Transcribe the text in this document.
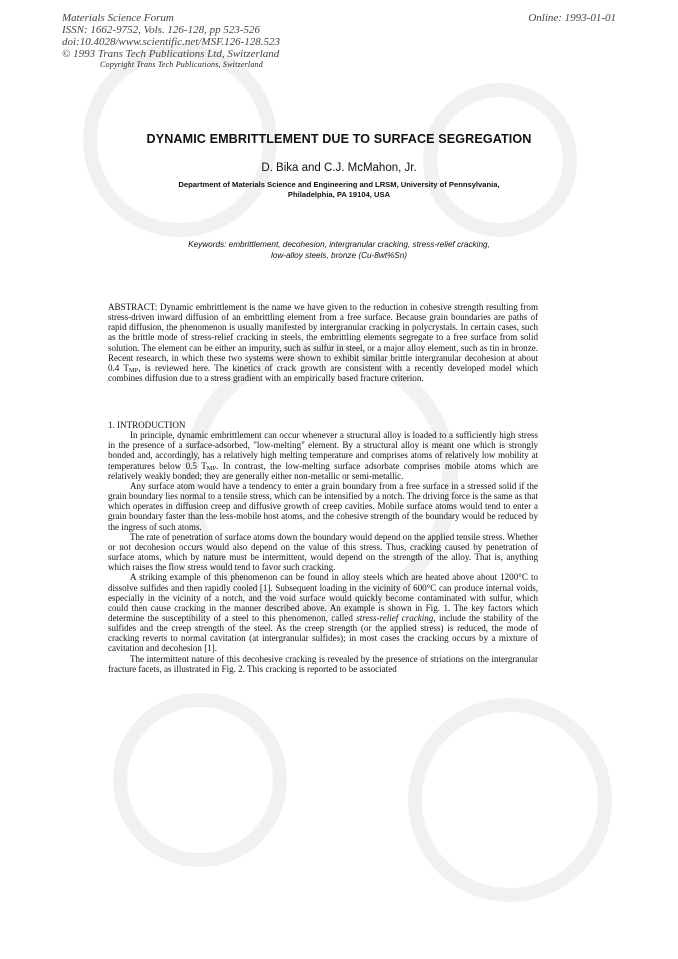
Materials Science Forum
ISSN: 1662-9752, Vols. 126-128, pp 523-526
doi:10.4028/www.scientific.net/MSF.126-128.523
© 1993 Trans Tech Publications Ltd, Switzerland
Online: 1993-01-01
Copyright Trans Tech Publications, Switzerland
DYNAMIC EMBRITTLEMENT DUE TO SURFACE SEGREGATION
D. Bika and C.J. McMahon, Jr.
Department of Materials Science and Engineering and LRSM, University of Pennsylvania,
Philadelphia, PA 19104, USA
Keywords: embrittlement, decohesion, intergranular cracking, stress-relief cracking,
low-alloy steels, bronze (Cu-8wt%Sn)

ABSTRACT: Dynamic embrittlement is the name we have given to the reduction in cohesive strength resulting from stress-driven inward diffusion of an embrittling element from a free surface. Because grain boundaries are paths of rapid diffusion, the phenomenon is usually manifested by intergranular cracking in polycrystals. In certain cases, such as the brittle mode of stress-relief cracking in steels, the embrittling elements segregate to a free surface from solid solution. The element can be either an impurity, such as sulfur in steel, or a major alloy element, such as tin in bronze. Recent research, in which these two systems were shown to exhibit similar brittle intergranular decohesion at about 0.4 $T_{MP}$, is reviewed here. The kinetics of crack growth are consistent with a recently developed model which combines diffusion due to a stress gradient with an empirically based fracture criterion.

1. INTRODUCTION

In principle, dynamic embrittlement can occur whenever a structural alloy is loaded to a sufficiently high stress in the presence of a surface-adsorbed, "low-melting" element. By a structural alloy is meant one which is strongly bonded and, accordingly, has a relatively high melting temperature and comprises atoms of relatively low mobility at temperatures below 0.5 $T_{MP}$. In contrast, the low-melting surface adsorbate comprises mobile atoms which are relatively weakly bonded; they are generally either non-metallic or semi-metallic.

Any surface atom would have a tendency to enter a grain boundary from a free surface in a stressed solid if the grain boundary lies normal to a tensile stress, which can be intensified by a notch. The driving force is the same as that which operates in diffusion creep and diffusive growth of creep cavities. Mobile surface atoms would tend to enter a grain boundary faster than the less-mobile host atoms, and the cohesive strength of the boundary would be reduced by the ingress of such atoms.

The rate of penetration of surface atoms down the boundary would depend on the applied tensile stress. Whether or not decohesion occurs would also depend on the value of this stress. Thus, cracking caused by penetration of surface atoms, which by nature must be intermittent, would depend on the strength of the alloy. That is, anything which raises the flow stress would tend to favor such cracking.

A striking example of this phenomenon can be found in alloy steels which are heated above about 1200°C to dissolve sulfides and then rapidly cooled [1]. Subsequent loading in the vicinity of 600°C can produce internal voids, especially in the vicinity of a notch, and the void surface would quickly become contaminated with sulfur, which could then cause cracking in the manner described above. An example is shown in Fig. 1. The key factors which determine the susceptibility of a steel to this phenomenon, called stress-relief cracking, include the stability of the sulfides and the creep strength of the steel. As the creep strength (or the applied stress) is reduced, the mode of cracking reverts to normal cavitation (at intergranular sulfides); in most cases the cracking occurs by a mixture of cavitation and decohesion [1].

The intermittent nature of this decohesive cracking is revealed by the presence of striations on the intergranular fracture facets, as illustrated in Fig. 2. This cracking is reported to be associated
